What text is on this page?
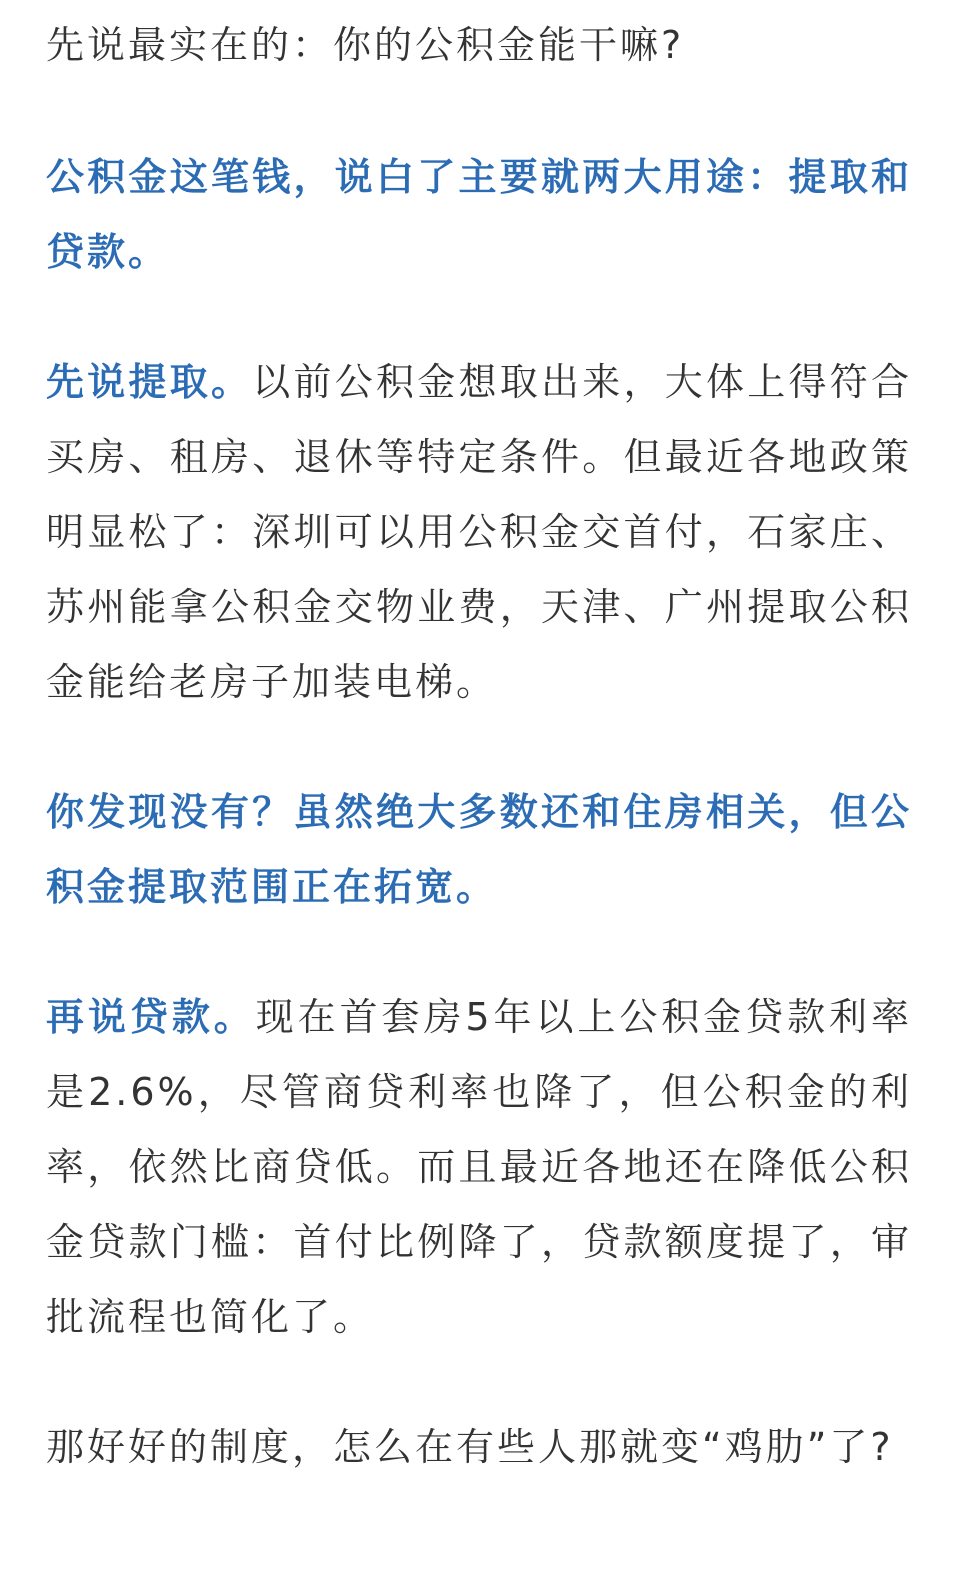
先说最实在的：你的公积金能干嘛?

公积金这笔钱，说白了主要就两大用途：提取和贷款。

先说提取。以前公积金想取出来，大体上得符合买房、租房、退休等特定条件。但最近各地政策明显松了：深圳可以用公积金交首付，石家庄、苏州能拿公积金交物业费，天津、广州提取公积金能给老房子加装电梯。

你发现没有？虽然绝大多数还和住房相关，但公积金提取范围正在拓宽。

再说贷款。现在首套房5年以上公积金贷款利率是2.6%，尽管商贷利率也降了，但公积金的利率，依然比商贷低。而且最近各地还在降低公积金贷款门槛：首付比例降了，贷款额度提了，审批流程也简化了。

那好好的制度，怎么在有些人那就变“鸡肋”了?
